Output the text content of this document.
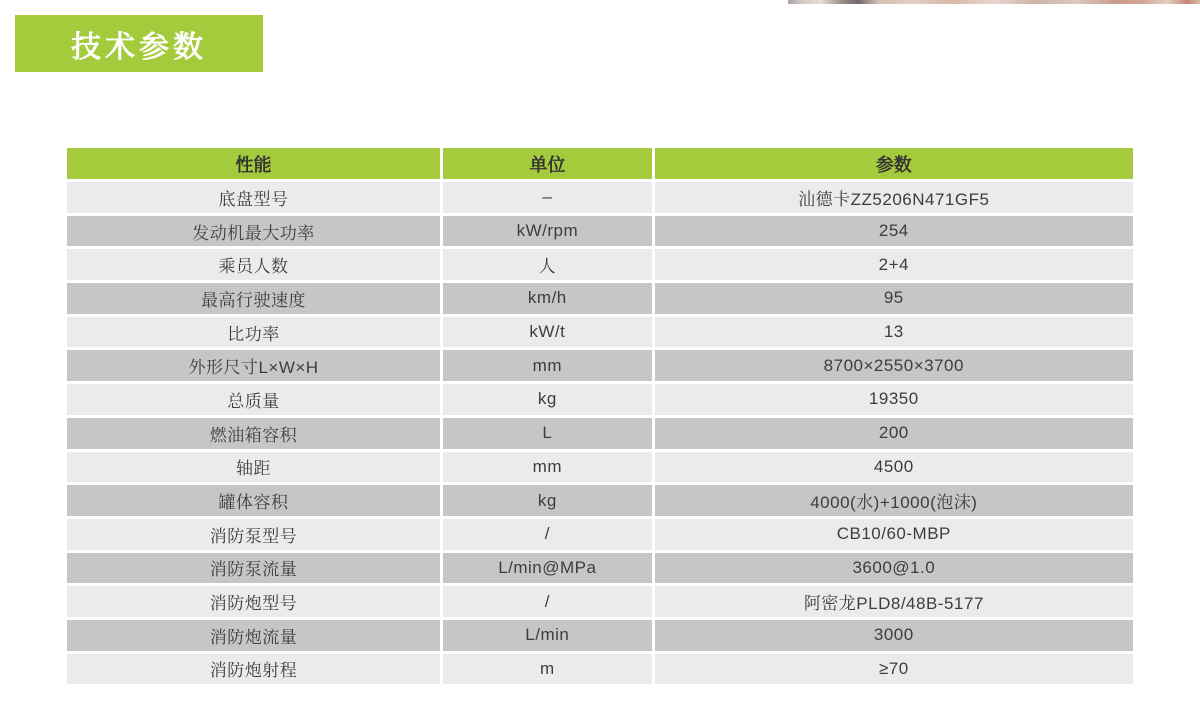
技术参数
性能	单位	参数
底盘型号	–	汕德卡ZZ5206N471GF5
发动机最大功率	kW/rpm	254
乘员人数	人	2+4
最高行驶速度	km/h	95
比功率	kW/t	13
外形尺寸L×W×H	mm	8700×2550×3700
总质量	kg	19350
燃油箱容积	L	200
轴距	mm	4500
罐体容积	kg	4000(水)+1000(泡沫)
消防泵型号	/	CB10/60-MBP
消防泵流量	L/min@MPa	3600@1.0
消防炮型号	/	阿密龙PLD8/48B-5177
消防炮流量	L/min	3000
消防炮射程	m	≥70
